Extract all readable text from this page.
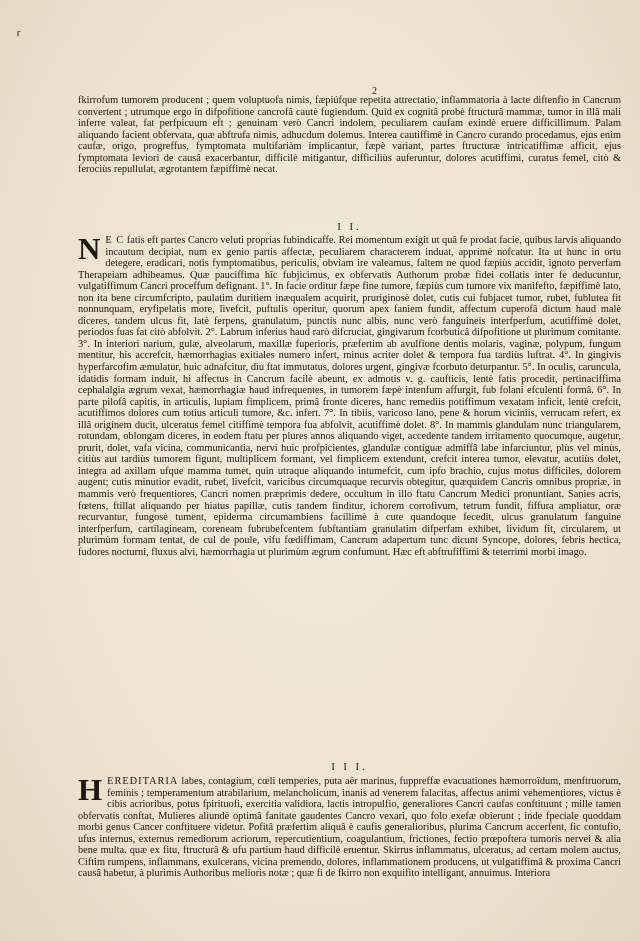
⸢
2

fkirrofum tumorem producent ; quem voluptuofa nimis, fæpiúfque repetita attrectatio, inflammatoria à lacte diftenfio in Cancrum convertent ; utrumque ergo in difpofitione cancrofâ cautè fugiendum. Quid ex cognitâ probè ftructurâ mammæ, tumor in illâ mali inferre valeat, fat perfpicuum eft ; genuinam verò Cancri indolem, peculiarem caufam exindè eruere difficillimum. Palam aliquando facient obfervata, quæ abftrufa nimis, adhucdum dolemus. Interea cautiffimè in Cancro curando procedamus, ejus enim caufæ, origo, progreffus, fymptomata multifariàm implicantur, fæpè variant, partes ftructuræ intricatiffimæ afficit, ejus fymptomata leviori de causâ exacerbantur, difficilè mitigantur, difficiliùs auferuntur, dolores acutiffimi, curatus femel, citò & ferociùs repullulat, ægrotantem fæpiffimè necat.

I I.

N E C fatis eft partes Cancro veluti proprias fubindicaffe. Rei momentum exigit ut quâ fe prodat facie, quibus larvis aliquando incautum decipiat, num ex genio partis affectæ, peculiarem characterem induat, apprimè nofcatur. Ita ut hunc in ortu detegere, eradicari, notis fymptomatibus, periculis, obviam ire valeamus, faltem ne quod fæpiùs accidit, ignoto perverfam Therapeiam adhibeamus. Quæ pauciffima hîc fubjicimus, ex obfervatis Authorum probæ fidei collatis inter fe deducuntur, vulgatiffimum Cancri proceffum defignant. 1°. In facie orditur fæpe fine tumore, fæpiùs cum tumore vix manifefto, fæpiffimè lato, non ita bene circumfcripto, paulatim duritiem inæqualem acquirit, pruriginosè dolet, cutis cui fubjacet tumor, rubet, fublutea fit nonnunquam, eryfipelatis more, livefcit, puftulis operitur, quorum apex faniem fundit, affectum cuperofâ dictum haud malè diceres, tandem ulcus fit, latè ferpens, granulatum, punctis nunc albis, nunc verò fanguineis interfperfum, acutiffimè dolet, periodos fuas fat citò abfolvit. 2°. Labrum inferius haud rarò difcruciat, gingivarum fcorbuticâ difpofitione ut plurimum comitante. 3°. In interiori narium, gulæ, alveolarum, maxillæ fuperioris, præfertim ab avulfione dentis molaris, vaginæ, polypum, fungum mentitur, his accrefcit, hæmorrhagias exitiales numero infert, minus acriter dolet & tempora fua tardiùs luftrat. 4°. In gingivis hyperfarcofim æmulatur, huic adnafcitur, diu ftat immutatus, dolores urgent, gingivæ fcorbuto deturpantur. 5°. In oculis, caruncula, idatidis formam induit, hi affectus in Cancrum facilè abeunt, ex admotis v. g. caufticis, lentè fatis procedit, pertinaciffima cephalalgia ægrum vexat, hæmorrhagiæ haud infrequentes, in tumorem fæpè intenfum affurgit, fub folani efculenti formâ. 6°. In parte pilofâ capitis, in articulis, lupiam fimplicem, primâ fronte diceres, hanc remediis potiffimum vexatam inficit, lentè crefcit, acutiffimos dolores cum totius articuli tumore, &c. infert. 7°. In tibiis, varicoso lano, pene & horum viciniis, verrucam refert, ex illâ originem ducit, ulceratus femel citiffimè tempora fua abfolvit, acutiffimè dolet. 8°. In mammis glandulam nunc triangularem, rotundam, oblongam diceres, in eodem ftatu per plures annos aliquando viget, accedente tandem irritamento quocumque, augetur, prurit, dolet, vafa vicina, communicantia, nervi huic profpicientes, glandulæ contiguæ admiffâ labe infarciuntur, plùs vel minùs, citiùs aut tardiùs tumorem figunt, multiplicem formant, vel fimplicem extendunt, crefcit interea tumor, elevatur, acutiùs dolet, integra ad axillam ufque mamma tumet, quin utraque aliquando intumefcit, cum ipfo brachio, cujus motus difficiles, dolorem augent; cutis minutior evadit, rubet, livefcit, varicibus circumquaque recurvis obtegitur, quæquidem Cancris omnibus propriæ, in mammis verò frequentiores, Cancri nomen præprimis dedere, occultum in illo ftatu Cancrum Medici pronuntiant. Sanies acris, fœtens, ftillat aliquando per hiatus papillæ, cutis tandem finditur, ichorem corrofivum, tetrum fundit, fiffura ampliatur, oræ recurvantur, fungosè tument, epiderma circumambiens facillimè à cute quandoque fecedit, ulcus granulatum fanguine interfperfum, cartilagineam, coreneam fubrubefcentem fubftantiam granulatim difperfam exhibet, lividum fit, circularem, ut plurimùm formam tentat, de cul de poule, vifu fœdiffimam, Cancrum adapertum tunc dicunt Syncope, dolores, febris hectica, fudores nocturni, fluxus alvi, hæmorrhagia ut plurimùm ægrum confumunt. Hæc eft abftrufiffimi & teterrimi morbi imago.

I I I.

HEREDITARIA labes, contagium, cœli temperies, puta aër marinus, fuppreffæ evacuationes hæmorroïdum, menftruorum, feminis ; temperamentum atrabilarium, melancholicum, inanis ad venerem falacitas, affectus animi vehementiores, victus è cibis acrioribus, potus fpirituofi, exercitia validiora, lactis intropulfio, generaliores Cancri caufas conftituunt ; mille tamen obfervatis conftat, Mulieres aliundè optimâ fanitate gaudentes Cancro vexari, quo folo exefæ obierunt ; inde fpeciale quoddam morbi genus Cancer conftituere videtur. Pofitâ præfertim aliquâ è caufis generalioribus, plurima Cancrum accerfent, fic contufio, ufus internus, externus remediorum acriorum, repercutientium, coagulantium, frictiones, fectio prœpoftera tumoris nervei & alia bene multa. quæ ex fitu, ftructurâ & ufu partium haud difficilè eruentur. Skirrus inflammatus, ulceratus, ad certam molem auctus, Ciftim rumpens, inflammans, exulcerans, vicina premendo, dolores, inflammationem producens, ut vulgatiffimâ & proxima Cancri causâ habetur, à plurimis Authoribus melioris notæ ; quæ fi de fkirro non exquifito intelligant, annuimus. Interiora
